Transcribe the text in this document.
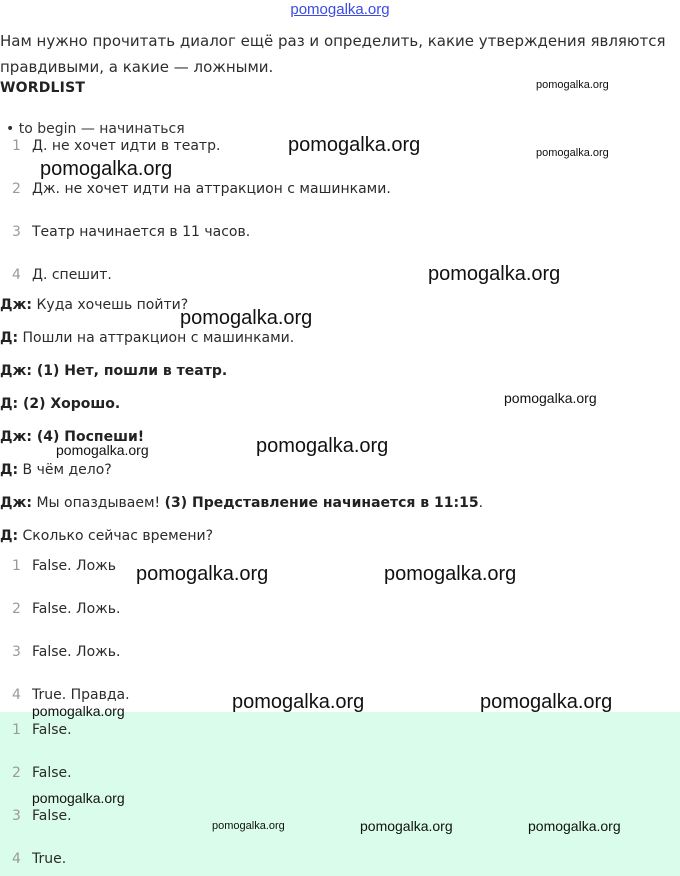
pomogalka.org
Нам нужно прочитать диалог ещё раз и определить, какие утверждения являются правдивыми, а какие — ложными.
WORDLIST
• to begin — начинаться
1 Д. не хочет идти в театр.
2 Дж. не хочет идти на аттракцион с машинками.
3 Театр начинается в 11 часов.
4 Д. спешит.
Дж: Куда хочешь пойти?
Д: Пошли на аттракцион с машинками.
Дж: (1) Нет, пошли в театр.
Д: (2) Хорошо.
Дж: (4) Поспеши!
Д: В чём дело?
Дж: Мы опаздываем! (3) Представление начинается в 11:15.
Д: Сколько сейчас времени?
1 False. Ложь
2 False. Ложь.
3 False. Ложь.
4 True. Правда.
1 False.
2 False.
3 False.
4 True.
pomogalka.org
pomogalka.org	pomogalka.org
pomogalka.org
pomogalka.org
pomogalka.org
pomogalka.org
pomogalka.org
pomogalka.org
pomogalka.org	pomogalka.org
pomogalka.org	pomogalka.org
pomogalka.org
pomogalka.org
pomogalka.org	pomogalka.org	pomogalka.org
